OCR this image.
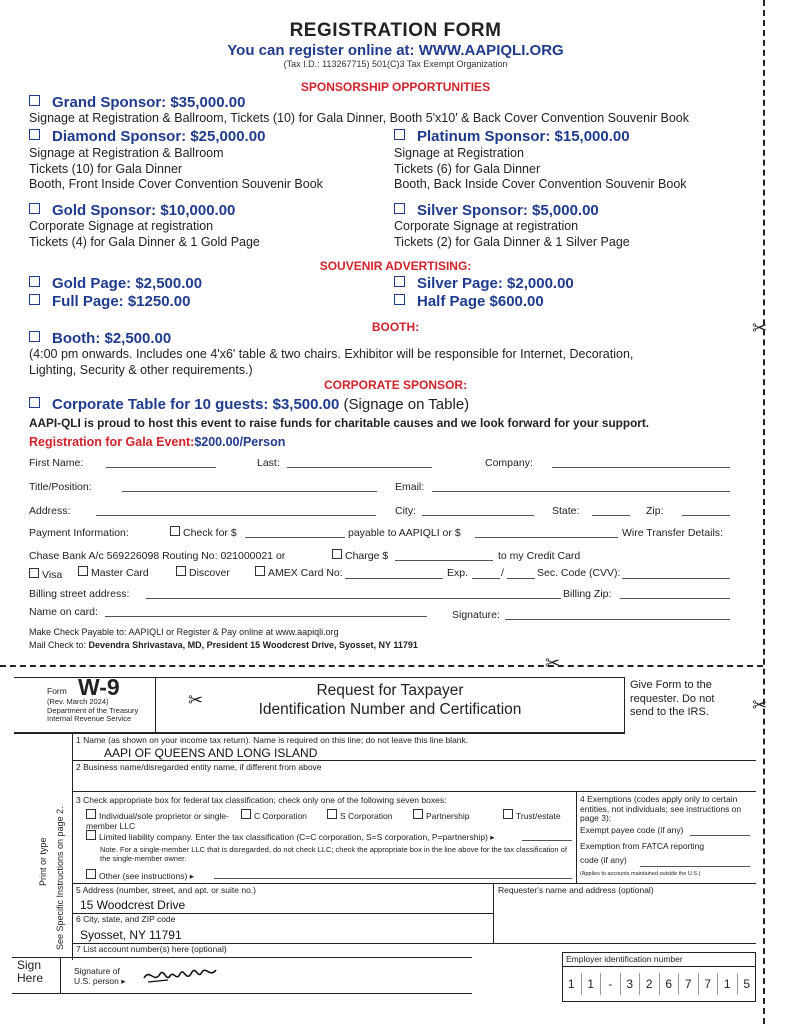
✂
✂
✂
✂
REGISTRATION FORM
You can register online at: WWW.AAPIQLI.ORG
(Tax I.D.: 113267715) 501(C)3 Tax Exempt Organization
SPONSORSHIP OPPORTUNITIES
Grand Sponsor: $35,000.00
Signage at Registration & Ballroom, Tickets (10) for Gala Dinner, Booth 5'x10' & Back Cover Convention Souvenir Book
Diamond Sponsor: $25,000.00
Signage at Registration & Ballroom
Tickets (10) for Gala Dinner
Booth, Front Inside Cover Convention Souvenir Book
Platinum Sponsor: $15,000.00
Signage at Registration
Tickets (6) for Gala Dinner
Booth, Back Inside Cover Convention Souvenir Book
Gold Sponsor: $10,000.00
Corporate Signage at registration
Tickets (4) for Gala Dinner & 1 Gold Page
Silver Sponsor: $5,000.00
Corporate Signage at registration
Tickets (2) for Gala Dinner & 1 Silver Page
SOUVENIR ADVERTISING:
Gold Page: $2,500.00
Full Page: $1250.00
Silver Page: $2,000.00
Half Page $600.00
BOOTH:
Booth: $2,500.00
(4:00 pm onwards. Includes one 4'x6' table & two chairs. Exhibitor will be responsible for Internet, Decoration,
Lighting, Security & other requirements.)
CORPORATE SPONSOR:
Corporate Table for 10 guests: $3,500.00 (Signage on Table)
AAPI-QLI is proud to host this event to raise funds for charitable causes and we look forward for your support.
Registration for Gala Event:$200.00/Person
First Name:	Last:	Company:
Title/Position:	Email:
Address:	City:	State:	Zip:
Payment Information:	Check for $	payable to AAPIQLI or $	Wire Transfer Details:
Chase Bank A/c 569226098 Routing No: 021000021 or	Charge $	to my Credit Card
Visa	Master Card	Discover	AMEX Card No:	Exp.	/	Sec. Code (CVV):
Billing street address:	Billing Zip:
Name on card:	Signature:
Make Check Payable to: AAPIQLI or Register & Pay online at www.aapiqli.org
Mail Check to: Devendra Shrivastava, MD, President 15 Woodcrest Drive, Syosset, NY 11791
Form W-9
(Rev. March 2024)
Department of the Treasury
Internal Revenue Service
Request for Taxpayer
Identification Number and Certification
Give Form to the
requester. Do not
send to the IRS.
Print or type See Specific Instructions on page 2.
1 Name (as shown on your income tax return). Name is required on this line; do not leave this line blank.
AAPI OF QUEENS AND LONG ISLAND
2 Business name/disregarded entity name, if different from above
3 Check appropriate box for federal tax classification; check only one of the following seven boxes:
Individual/sole proprietor or single-member LLC
C Corporation	S Corporation	Partnership	Trust/estate
Limited liability company. Enter the tax classification (C=C corporation, S=S corporation, P=partnership) ▸
Note. For a single-member LLC that is disregarded, do not check LLC; check the appropriate box in the line above for the tax classification of the single-member owner.
Other (see instructions) ▸
4 Exemptions (codes apply only to certain entities, not individuals; see instructions on page 3):
Exempt payee code (if any)
Exemption from FATCA reporting
code (if any)
(Applies to accounts maintained outside the U.S.)
5 Address (number, street, and apt. or suite no.)	Requester's name and address (optional)
15 Woodcrest Drive
6 City, state, and ZIP code
Syosset, NY 11791
7 List account number(s) here (optional)
Sign
Here	Signature of
U.S. person ▸
Employer identification number
1	1	-	3	2	6	7	7	1	5
